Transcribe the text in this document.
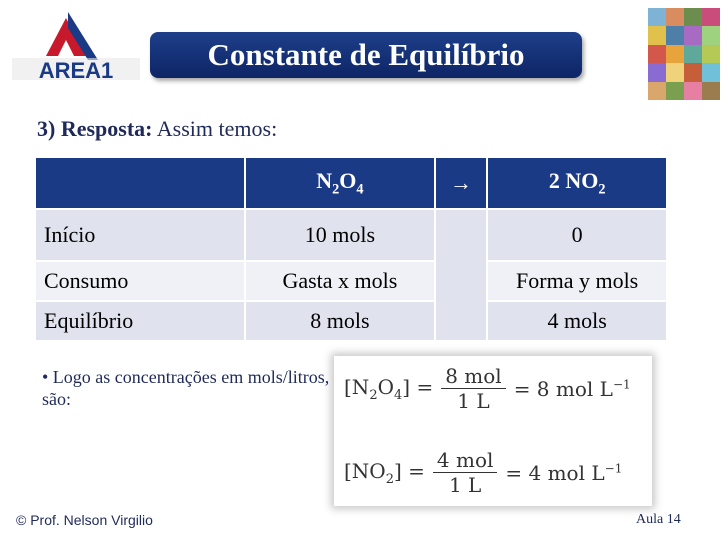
AREA1	Constante de Equilíbrio
3) Resposta: Assim temos:
	$N_2O_4$	→	2 $NO_2$
Início	10 mols		0
Consumo	Gasta x mols		Forma y mols
Equilíbrio	8 mols		4 mols
• Logo as concentrações em mols/litros, são:
$[N_2O_4] = \frac{\text{8 mol}}{1 L} = 8$ mol $L^{-1}$
$[NO_2] = \frac{\text{4 mol}}{1 L} = 4$ mol $L^{-1}$
© Prof. Nelson Virgilio	Aula 14
